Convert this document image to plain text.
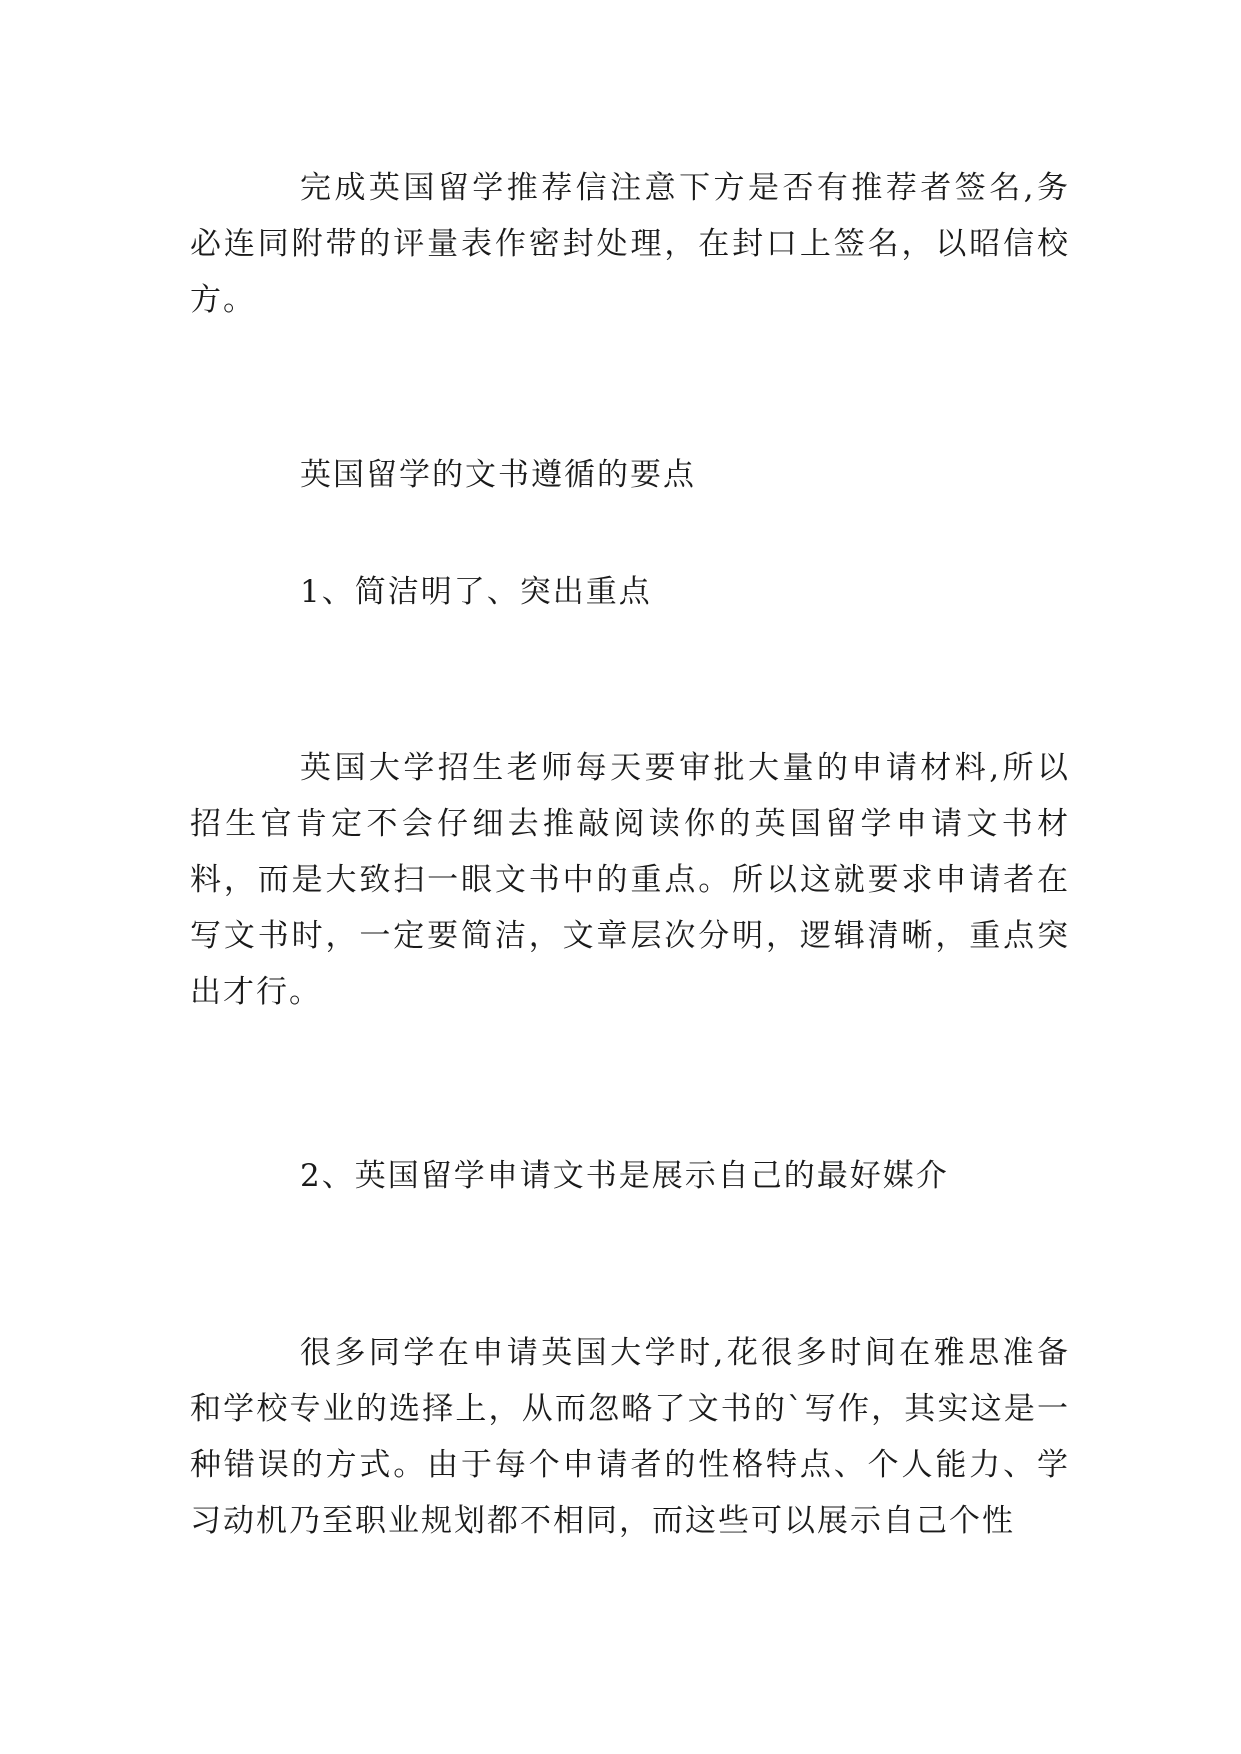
完成英国留学推荐信注意下方是否有推荐者签名,务必连同附带的评量表作密封处理，在封口上签名，以昭信校方。

英国留学的文书遵循的要点

1、简洁明了、突出重点

英国大学招生老师每天要审批大量的申请材料,所以招生官肯定不会仔细去推敲阅读你的英国留学申请文书材料，而是大致扫一眼文书中的重点。所以这就要求申请者在写文书时，一定要简洁，文章层次分明，逻辑清晰，重点突出才行。

2、英国留学申请文书是展示自己的最好媒介

很多同学在申请英国大学时,花很多时间在雅思准备和学校专业的选择上，从而忽略了文书的`写作，其实这是一种错误的方式。由于每个申请者的性格特点、个人能力、学习动机乃至职业规划都不相同，而这些可以展示自己个性
